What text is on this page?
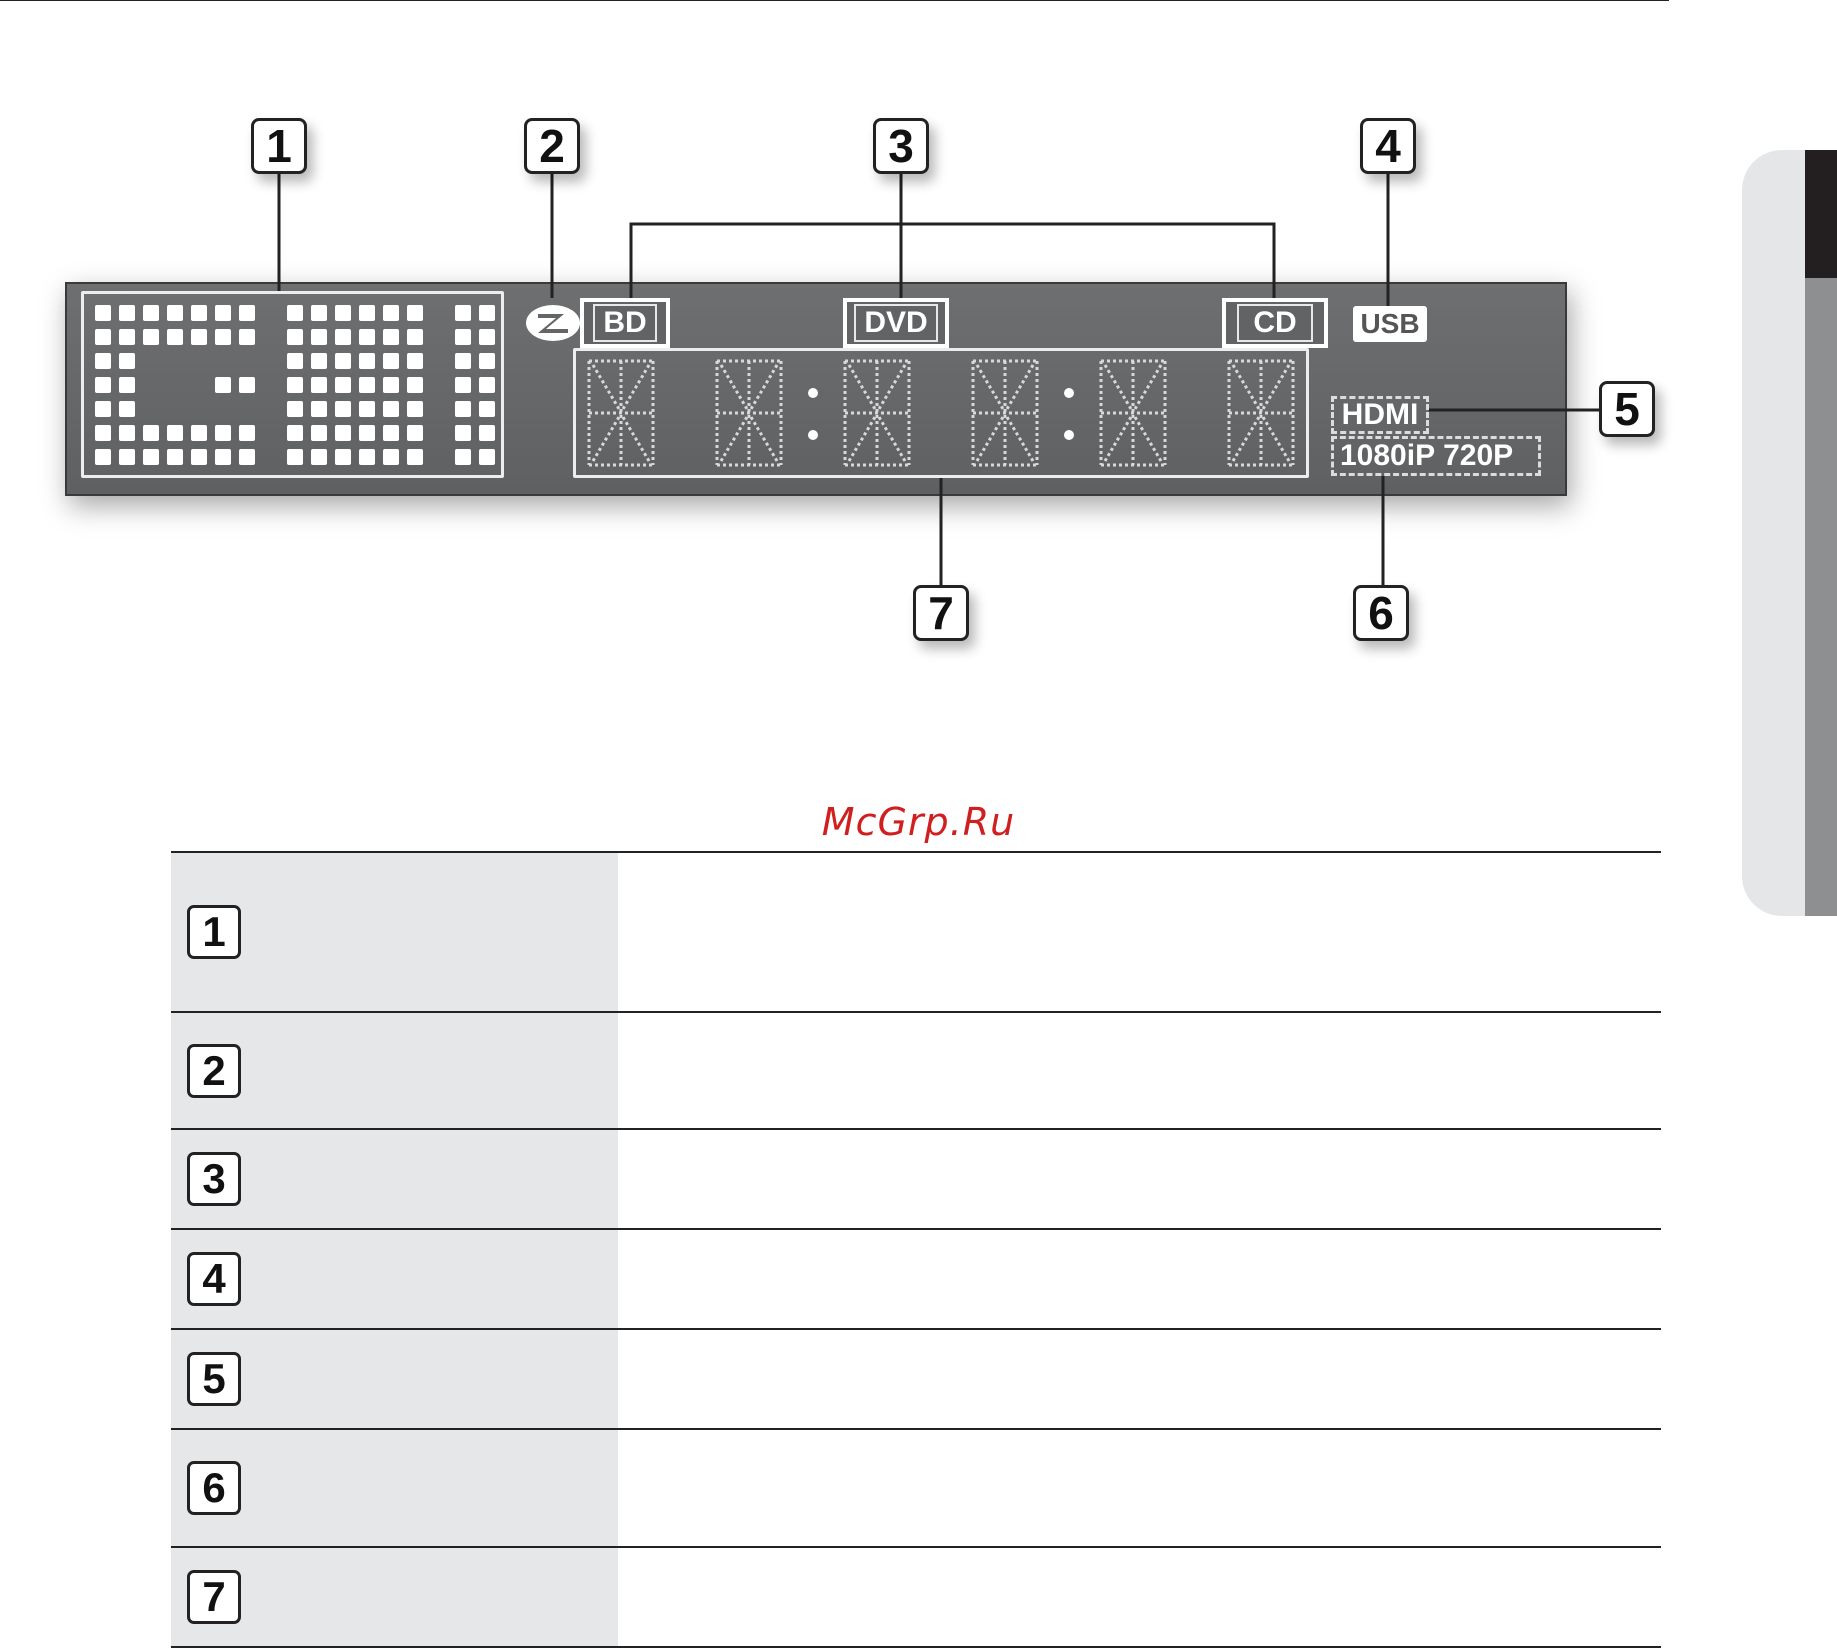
BD	DVD	CD	USB
HDMI
1080iP 720P
1	2	3	4
5
6
7
McGrp.Ru
1
2
3
4
5
6
7
